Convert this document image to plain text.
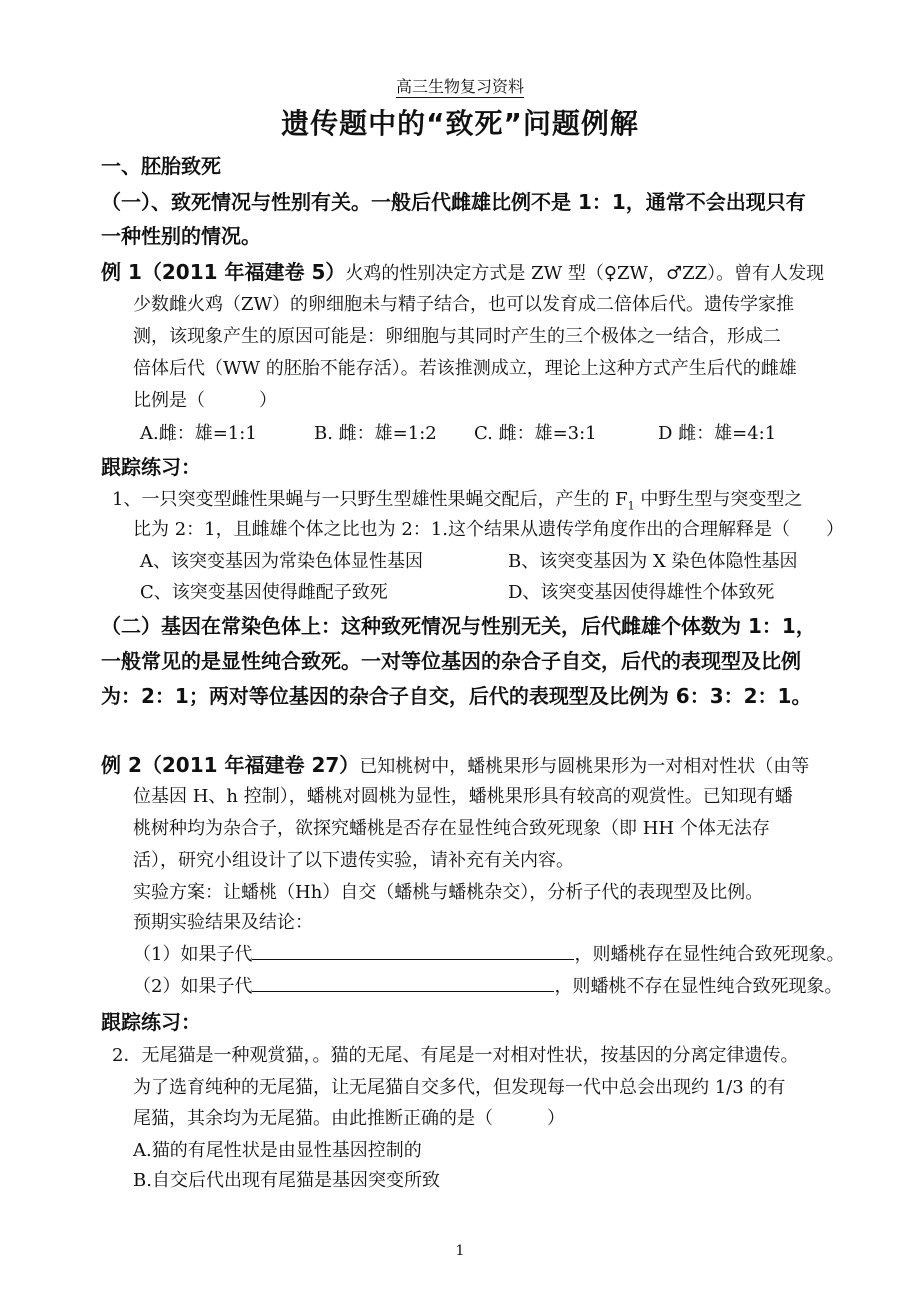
高三生物复习资料
遗传题中的“致死”问题例解
一、胚胎致死
（一）、致死情况与性别有关。一般后代雌雄比例不是 1：1，通常不会出现只有
一种性别的情况。
例 1（2011 年福建卷 5）火鸡的性别决定方式是 ZW 型（♀ZW，♂ZZ）。曾有人发现
少数雌火鸡（ZW）的卵细胞未与精子结合，也可以发育成二倍体后代。遗传学家推
测，该现象产生的原因可能是：卵细胞与其同时产生的三个极体之一结合，形成二
倍体后代（WW 的胚胎不能存活）。若该推测成立，理论上这种方式产生后代的雌雄
比例是（　　　）
A.雌：雄=1:1	B. 雌：雄=1:2 C. 雌：雄=3:1	D 雌：雄=4:1
跟踪练习：
1、一只突变型雌性果蝇与一只野生型雄性果蝇交配后，产生的 $F_1$ 中野生型与突变型之
比为 2：1，且雌雄个体之比也为 2：1.这个结果从遗传学角度作出的合理解释是（　　）
A、该突变基因为常染色体显性基因	B、该突变基因为 X 染色体隐性基因
C、该突变基因使得雌配子致死	D、该突变基因使得雄性个体致死
（二）基因在常染色体上：这种致死情况与性别无关，后代雌雄个体数为 1：1，
一般常见的是显性纯合致死。一对等位基因的杂合子自交，后代的表现型及比例
为：2：1；两对等位基因的杂合子自交，后代的表现型及比例为 6：3：2：1。
例 2（2011 年福建卷 27）已知桃树中，蟠桃果形与圆桃果形为一对相对性状（由等
位基因 H、h 控制），蟠桃对圆桃为显性，蟠桃果形具有较高的观赏性。已知现有蟠
桃树种均为杂合子，欲探究蟠桃是否存在显性纯合致死现象（即 HH 个体无法存
活），研究小组设计了以下遗传实验，请补充有关内容。
实验方案：让蟠桃（Hh）自交（蟠桃与蟠桃杂交），分析子代的表现型及比例。
预期实验结果及结论：
（1）如果子代	，则蟠桃存在显性纯合致死现象。
（2）如果子代	，则蟠桃不存在显性纯合致死现象。
跟踪练习：
2．无尾猫是一种观赏猫，。猫的无尾、有尾是一对相对性状，按基因的分离定律遗传。
为了选育纯种的无尾猫，让无尾猫自交多代，但发现每一代中总会出现约 1/3 的有
尾猫，其余均为无尾猫。由此推断正确的是（　　　）
A.猫的有尾性状是由显性基因控制的
B.自交后代出现有尾猫是基因突变所致
1
